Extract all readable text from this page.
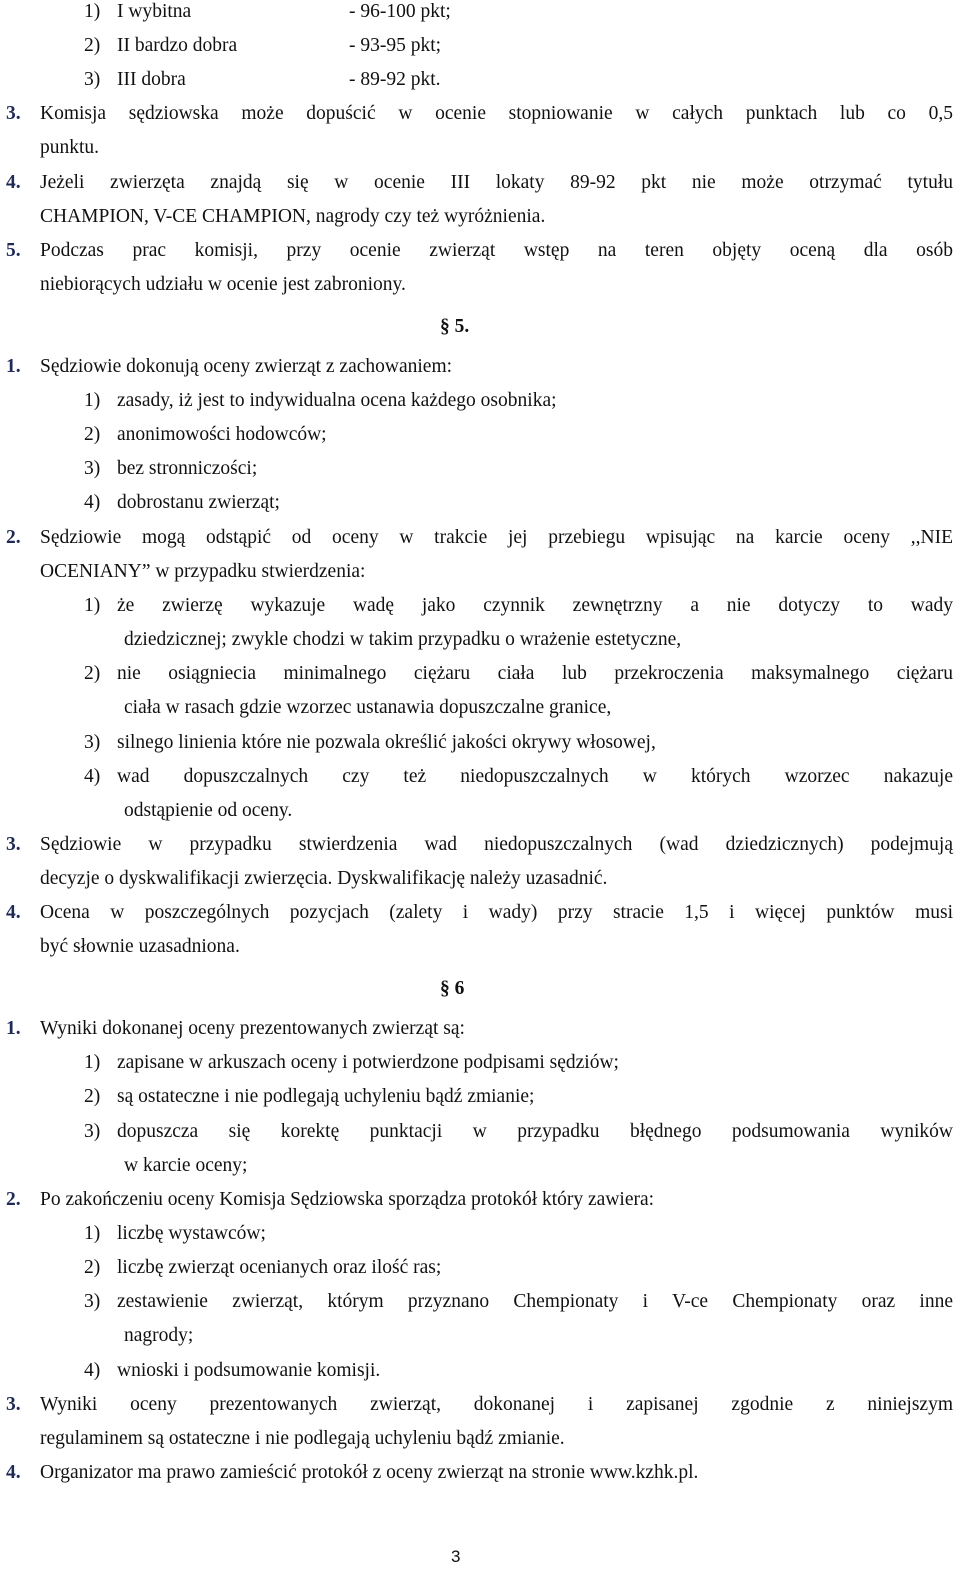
1) I wybitna	- 96-100 pkt;
2) II bardzo dobra	- 93-95 pkt;
3) III dobra	- 89-92 pkt.
3. Komisja sędziowska może dopuścić w ocenie stopniowanie w całych punktach lub co 0,5
punktu.
4. Jeżeli zwierzęta znajdą się w ocenie III lokaty 89-92 pkt nie może otrzymać tytułu
CHAMPION, V-CE CHAMPION, nagrody czy też wyróżnienia.
5. Podczas prac komisji, przy ocenie zwierząt wstęp na teren objęty oceną dla osób
niebiorących udziału w ocenie jest zabroniony.
§ 5.
1. Sędziowie dokonują oceny zwierząt z zachowaniem:
1) zasady, iż jest to indywidualna ocena każdego osobnika;
2) anonimowości hodowców;
3) bez stronniczości;
4) dobrostanu zwierząt;
2. Sędziowie mogą odstąpić od oceny w trakcie jej przebiegu wpisując na karcie oceny ,,NIE
OCENIANY” w przypadku stwierdzenia:
1) że zwierzę wykazuje wadę jako czynnik zewnętrzny a nie dotyczy to wady
dziedzicznej; zwykle chodzi w takim przypadku o wrażenie estetyczne,
2) nie osiągniecia minimalnego ciężaru ciała lub przekroczenia maksymalnego ciężaru
ciała w rasach gdzie wzorzec ustanawia dopuszczalne granice,
3) silnego linienia które nie pozwala określić jakości okrywy włosowej,
4) wad dopuszczalnych czy też niedopuszczalnych w których wzorzec nakazuje
odstąpienie od oceny.
3. Sędziowie w przypadku stwierdzenia wad niedopuszczalnych (wad dziedzicznych) podejmują
decyzje o dyskwalifikacji zwierzęcia. Dyskwalifikację należy uzasadnić.
4. Ocena w poszczególnych pozycjach (zalety i wady) przy stracie 1,5 i więcej punktów musi
być słownie uzasadniona.
§ 6
1. Wyniki dokonanej oceny prezentowanych zwierząt są:
1) zapisane w arkuszach oceny i potwierdzone podpisami sędziów;
2) są ostateczne i nie podlegają uchyleniu bądź zmianie;
3) dopuszcza się korektę punktacji w przypadku błędnego podsumowania wyników
w karcie oceny;
2. Po zakończeniu oceny Komisja Sędziowska sporządza protokół który zawiera:
1) liczbę wystawców;
2) liczbę zwierząt ocenianych oraz ilość ras;
3) zestawienie zwierząt, którym przyznano Chempionaty i V-ce Chempionaty oraz inne
nagrody;
4) wnioski i podsumowanie komisji.
3. Wyniki oceny prezentowanych zwierząt, dokonanej i zapisanej zgodnie z niniejszym
regulaminem są ostateczne i nie podlegają uchyleniu bądź zmianie.
4. Organizator ma prawo zamieścić protokół z oceny zwierząt na stronie www.kzhk.pl.
3
